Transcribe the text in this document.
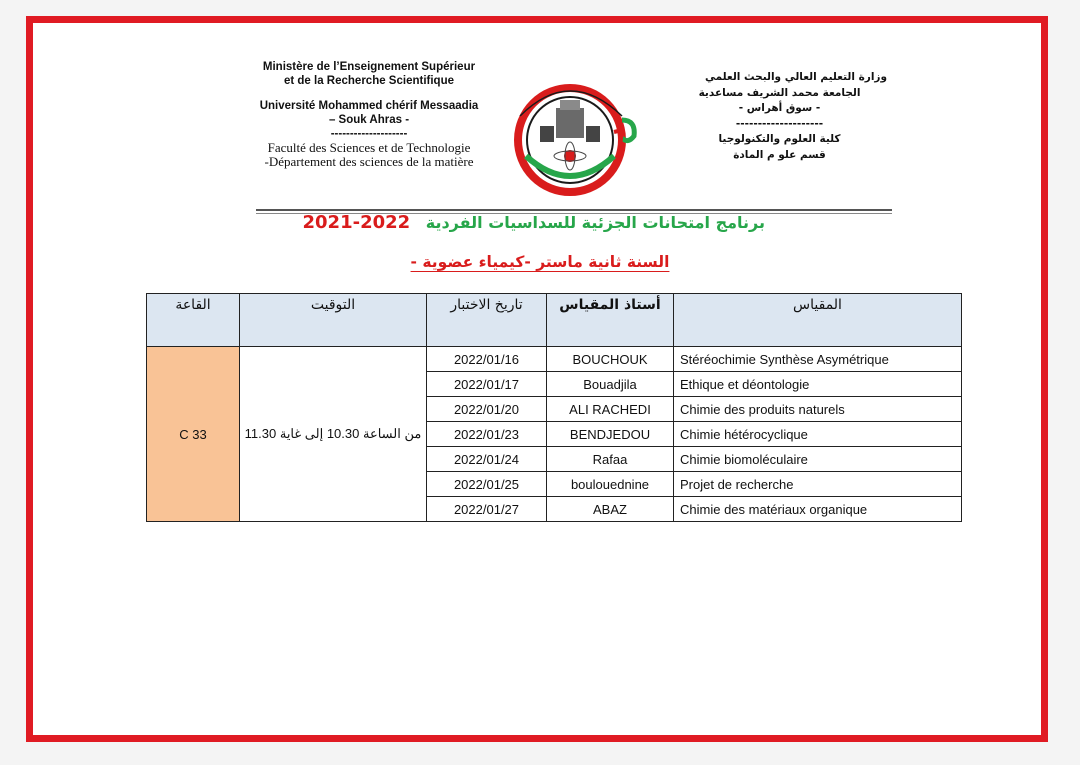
Ministère de l’Enseignement Supérieur
et de la Recherche Scientifique
Université Mohammed chérif Messaadia
– Souk Ahras -
--------------------
Faculté des Sciences et de Technologie
-Département des sciences de la matière
وزارة التعليم العالي والبحث العلمي
الجامعة محمد الشريف مساعدية
- سوق أهراس -
--------------------
كلية العلوم والتكنولوجيا
قسم علو م المادة
برنامج امتحانات الجزئية للسداسيات الفردية 2021-2022
السنة ثانية ماستر -كيمياء عضوية -
القاعة	التوقيت	تاريخ الاختبار	أستاذ المقياس	المقياس
C 33	من الساعة 10.30 إلى غاية 11.30	2022/01/16	BOUCHOUK	Stéréochimie Synthèse Asymétrique
		2022/01/17	Bouadjila	Ethique et déontologie
		2022/01/20	ALI RACHEDI	Chimie des produits naturels
		2022/01/23	BENDJEDOU	Chimie hétérocyclique
		2022/01/24	Rafaa	Chimie biomoléculaire
		2022/01/25	boulouednine	Projet de recherche
		2022/01/27	ABAZ	Chimie des matériaux organique
